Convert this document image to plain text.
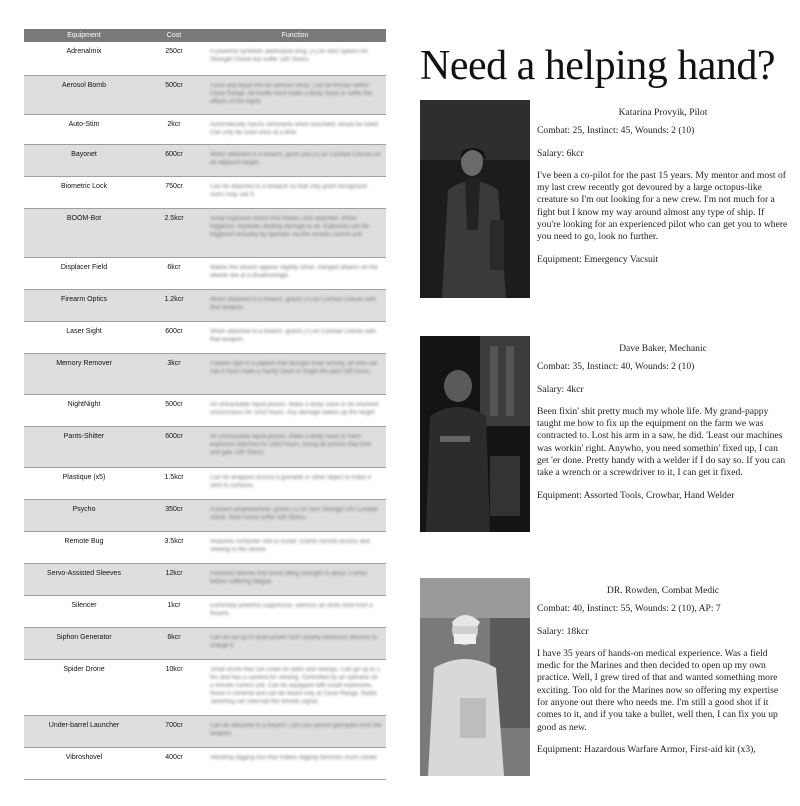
Equipment	Cost	Function
Adrenalmix	250cr	A powerful synthetic adrenaline drug. [+] on next Speed OR Strength Check but suffer 1d5 Stress.
Aerosol Bomb	500cr	Turns any liquid into an aerosol cloud. Can be thrown within Close Range. All inside must make a Body Save or suffer the effects of the liquid.
Auto-Stim	2kcr	Automatically injects stimulants when wounded, would be killed. Can only be used once at a time.
Bayonet	600cr	When attached to a firearm, gives you [+] on Combat Checks on an adjacent target.
Biometric Lock	750cr	Can be attached to a weapon so that only grant recognized users may use it.
BOOM-Bot	2.5kcr	Small explosive drone that follows until attached. When triggered, explodes dealing damage to all. Explosion can be triggered remotely by operator via the remote control unit.
Displacer Field	6kcr	Makes the wearer appear slightly offset. Ranged attacks on the wearer are at a disadvantage.
Firearm Optics	1.2kcr	When attached to a firearm, grants [+] on Combat Checks with that weapon.
Laser Sight	600cr	When attached to a firearm, grants [+] on Combat Checks with that weapon.
Memory Remover	3kcr	Flashes light in a pattern that disrupts brain activity, all who can see it must make a Sanity Save or forget the past 1d5 hours.
NightNight	500cr	An untraceable liquid poison. Make a Body Save or be knocked unconscious for 1d10 hours. Any damage wakes up the target.
Pants-Shitter	600cr	An untraceable liquid poison. Make a Body Save or have explosive diarrhea for 1d10 hours, losing all actions that time and gain 1d5 Stress.
Plastique (x5)	1.5kcr	Can be wrapped around a grenade or other object to make it stick to surfaces.
Psycho	350cr	A potent amphetamine; grants [+] on next Strength OR Combat check. Next round suffer 1d5 Stress.
Remote Bug	3.5kcr	Requires computer skill to install. Grants remote access and viewing to the device.
Servo-Assisted Sleeves	12kcr	Powered sleeves that boost lifting strength to about 3 times before suffering fatigue.
Silencer	1kcr	Extremely powerful suppressor, silences all shots fired from a firearm.
Siphon Generator	6kcr	Can be set up to drain power from nearby electronic devices to charge it.
Spider Drone	10kcr	Small drone that can crawl on walls and ceilings. Can go up to 2 hrs and has a camera for viewing. Controlled by an operator on a remote control unit. Can be equipped with small explosives. Noise is minimal and can be heard only at Close Range. Radio Jamming can interrupt the remote signal.
Under-barrel Launcher	700cr	Can be attached to a firearm. Lets you launch grenades from the weapon.
Vibroshovel	400cr	Vibrating digging tool that makes digging trenches much easier.
Need a helping hand?
Katarina Provyik, Pilot

Combat: 25, Instinct: 45, Wounds: 2 (10)

Salary: 6kcr

I've been a co-pilot for the past 15 years. My mentor and most of my last crew recently got devoured by a large octopus-like creature so I'm out looking for a new crew. I'm not much for a fight but I know my way around almost any type of ship. If you're looking for an experienced pilot who can get you to where you need to go, look no further.

Equipment: Emergency Vacsuit

Dave Baker, Mechanic

Combat: 35, Instinct: 40, Wounds: 2 (10)

Salary: 4kcr

Been fixin' shit pretty much my whole life. My grand-pappy taught me how to fix up the equipment on the farm we was contracted to. Lost his arm in a saw, he did. 'Least our machines was workin' right. Anywho, you need somethin' fixed up, I can get 'er done. Pretty handy with a welder if I do say so. If you can take a wrench or a screwdriver to it, I can get it fixed.

Equipment: Assorted Tools, Crowbar, Hand Welder

DR. Rowden, Combat Medic

Combat: 40, Instinct: 55, Wounds: 2 (10), AP: 7

Salary: 18kcr

I have 35 years of hands-on medical experience. Was a field medic for the Marines and then decided to open up my own practice. Well, I grew tired of that and wanted something more exciting. Too old for the Marines now so offering my expertise for anyone out there who needs me. I'm still a good shot if it comes to it, and if you take a bullet, well then, I can fix you up good as new.

Equipment: Hazardous Warfare Armor, First-aid kit (x3),
